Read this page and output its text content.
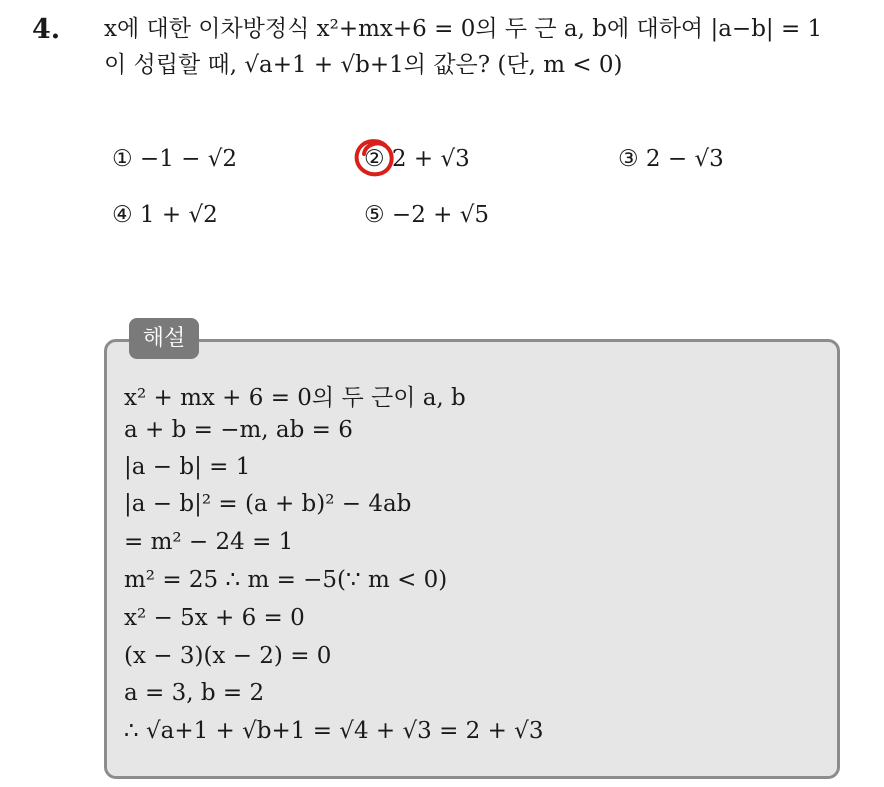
4. x에 대한 이차방정식 x²+mx+6 = 0의 두 근 a, b에 대하여 |a−b| = 1
이 성립할 때, √a+1 + √b+1의 값은? (단, m < 0)
① −1 − √2	② 2 + √3	③ 2 − √3
④ 1 + √2	⑤ −2 + √5
해설
x² + mx + 6 = 0의 두 근이 a, b
a + b = −m, ab = 6
|a − b| = 1
|a − b|² = (a + b)² − 4ab
= m² − 24 = 1
m² = 25 ∴ m = −5(∵ m < 0)
x² − 5x + 6 = 0
(x − 3)(x − 2) = 0
a = 3, b = 2
∴ √a+1 + √b+1 = √4 + √3 = 2 + √3
